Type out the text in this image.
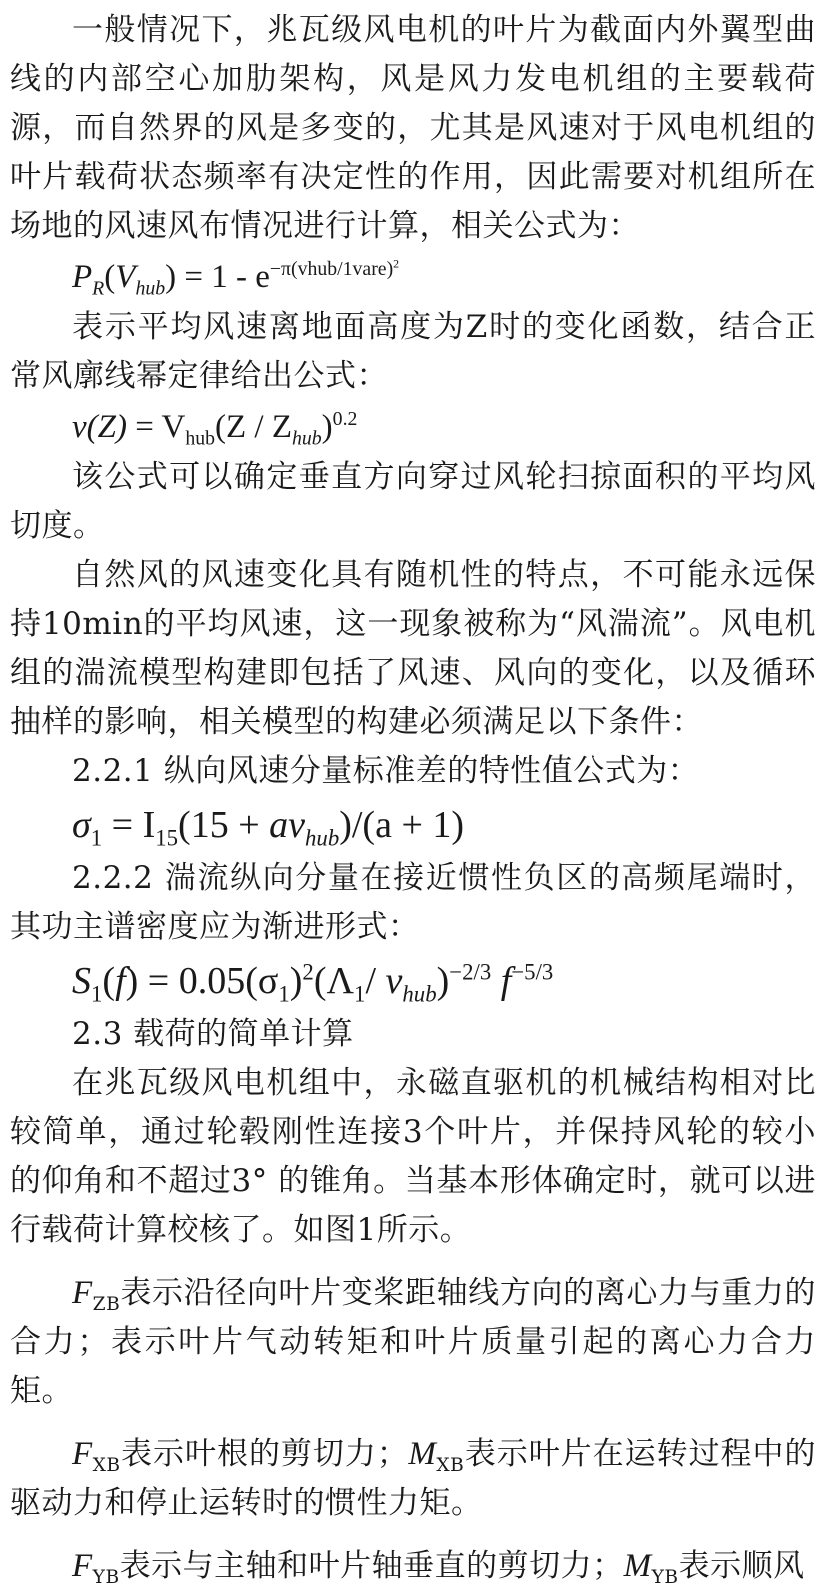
一般情况下，兆瓦级风电机的叶片为截面内外翼型曲线的内部空心加肋架构，风是风力发电机组的主要载荷源，而自然界的风是多变的，尤其是风速对于风电机组的叶片载荷状态频率有决定性的作用，因此需要对机组所在场地的风速风布情况进行计算，相关公式为：

$P_R(V_{hub}) = 1 - e^{-\pi(vhub/1vare)^2}$

表示平均风速离地面高度为Z时的变化函数，结合正常风廓线幂定律给出公式：

$v(Z) = V_{hub}(Z / Z_{hub})^{0.2}$

该公式可以确定垂直方向穿过风轮扫掠面积的平均风切度。

自然风的风速变化具有随机性的特点，不可能永远保持10min的平均风速，这一现象被称为“风湍流”。风电机组的湍流模型构建即包括了风速、风向的变化，以及循环抽样的影响，相关模型的构建必须满足以下条件：

2.2.1 纵向风速分量标准差的特性值公式为：

$\sigma_1 = I_{15}(15 + av_{hub})/(a + 1)$

2.2.2 湍流纵向分量在接近惯性负区的高频尾端时，其功主谱密度应为渐进形式：

$S_1(f) = 0.05(\sigma_1)^2(\Lambda_1/$ $v_{hub})^{-2/3}$ $f^{-5/3}$

2.3 载荷的简单计算

在兆瓦级风电机组中，永磁直驱机的机械结构相对比较简单，通过轮毂刚性连接3个叶片，并保持风轮的较小的仰角和不超过3° 的锥角。当基本形体确定时，就可以进行载荷计算校核了。如图1所示。

$F_{ZB}$表示沿径向叶片变桨距轴线方向的离心力与重力的合力；表示叶片气动转矩和叶片质量引起的离心力合力矩。

$F_{XB}$表示叶根的剪切力；$M_{XB}$表示叶片在运转过程中的驱动力和停止运转时的惯性力矩。

$F_{YB}$表示与主轴和叶片轴垂直的剪切力；$M_{YB}$表示顺风
